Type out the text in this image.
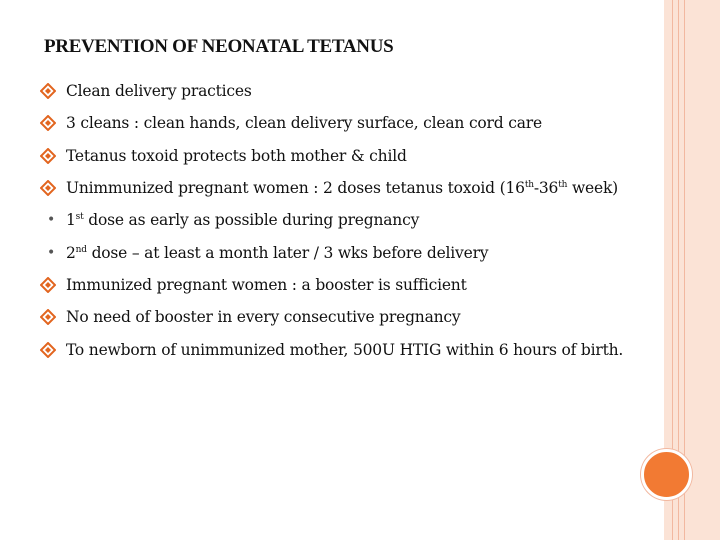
PREVENTION OF NEONATAL TETANUS
Clean delivery practices
3 cleans : clean hands, clean delivery surface, clean cord care
Tetanus toxoid protects both mother & child
Unimmunized pregnant women : 2 doses tetanus toxoid (16th-36th week)
• 1st dose as early as possible during pregnancy
• 2nd dose – at least a month later / 3 wks before delivery
Immunized pregnant women : a booster is sufficient
No need of booster in every consecutive pregnancy
To newborn of unimmunized mother, 500U HTIG within 6 hours of birth.
